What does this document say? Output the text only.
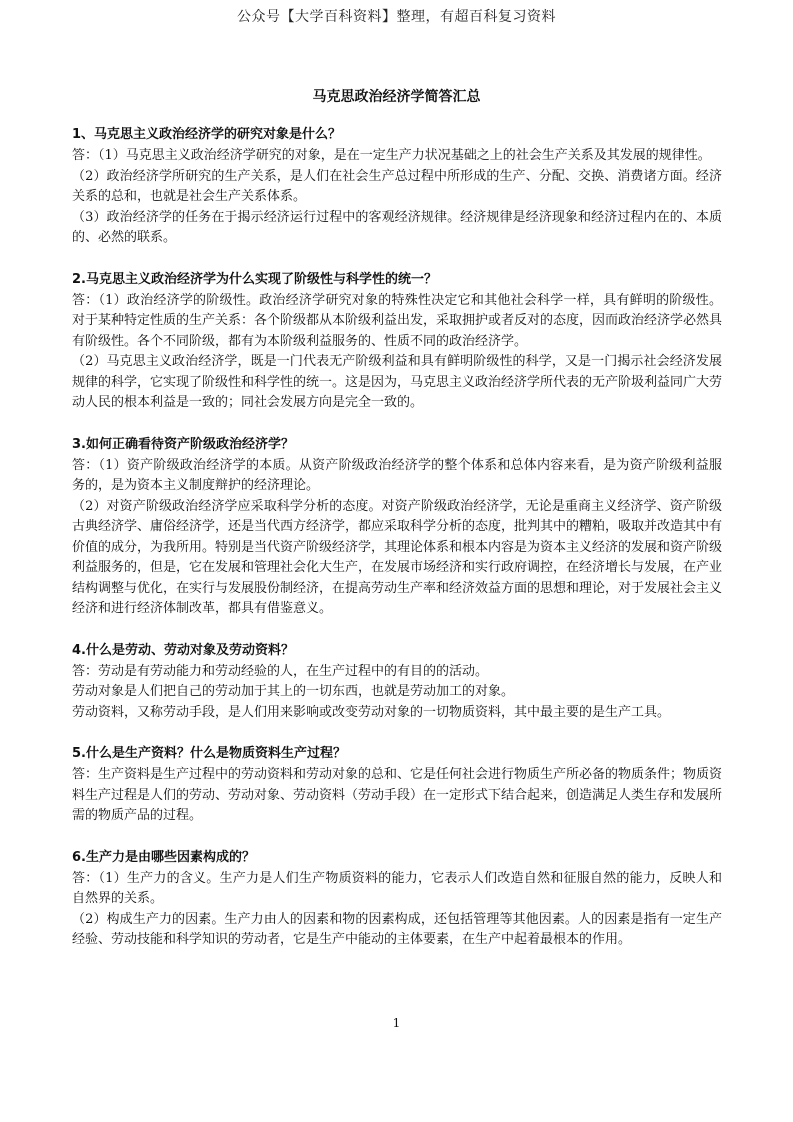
公众号【大学百科资料】整理，有超百科复习资料
马克思政治经济学简答汇总

1、马克思主义政治经济学的研究对象是什么？

答：（1）马克思主义政治经济学研究的对象，是在一定生产力状况基础之上的社会生产关系及其发展的规律性。

（2）政治经济学所研究的生产关系，是人们在社会生产总过程中所形成的生产、分配、交换、消费诸方面。经济关系的总和，也就是社会生产关系体系。

（3）政治经济学的任务在于揭示经济运行过程中的客观经济规律。经济规律是经济现象和经济过程内在的、本质的、必然的联系。

2.马克思主义政治经济学为什么实现了阶级性与科学性的统一？

答：（1）政治经济学的阶级性。政治经济学研究对象的特殊性决定它和其他社会科学一样，具有鲜明的阶级性。对于某种特定性质的生产关系：各个阶级都从本阶级利益出发，采取拥护或者反对的态度，因而政治经济学必然具有阶级性。各个不同阶级，都有为本阶级利益服务的、性质不同的政治经济学。

（2）马克思主义政治经济学，既是一门代表无产阶级利益和具有鲜明阶级性的科学，又是一门揭示社会经济发展规律的科学，它实现了阶级性和科学性的统一。这是因为，马克思主义政治经济学所代表的无产阶圾利益同广大劳动人民的根本利益是一致的；同社会发展方向是完全一致的。

3.如何正确看待资产阶级政治经济学？

答：（1）资产阶级政治经济学的本质。从资产阶级政治经济学的整个体系和总体内容来看，是为资产阶级利益服务的，是为资本主义制度辩护的经济理论。

（2）对资产阶级政治经济学应采取科学分析的态度。对资产阶级政治经济学，无论是重商主义经济学、资产阶级古典经济学、庸俗经济学，还是当代西方经济学，都应采取科学分析的态度，批判其中的糟粕，吸取并改造其中有价值的成分，为我所用。特别是当代资产阶级经济学，其理论体系和根本内容是为资本主义经济的发展和资产阶级利益服务的，但是，它在发展和管理社会化大生产，在发展市场经济和实行政府调控，在经济增长与发展，在产业结构调整与优化，在实行与发展股份制经济，在提高劳动生产率和经济效益方面的思想和理论，对于发展社会主义经济和进行经济体制改革，都具有借鉴意义。

4.什么是劳动、劳动对象及劳动资料？

答：劳动是有劳动能力和劳动经验的人，在生产过程中的有目的的活动。

劳动对象是人们把自己的劳动加于其上的一切东西，也就是劳动加工的对象。

劳动资料，又称劳动手段，是人们用来影响或改变劳动对象的一切物质资料，其中最主要的是生产工具。

5.什么是生产资料？什么是物质资料生产过程？

答：生产资料是生产过程中的劳动资料和劳动对象的总和、它是任何社会进行物质生产所必备的物质条件；物质资料生产过程是人们的劳动、劳动对象、劳动资料（劳动手段）在一定形式下结合起来，创造满足人类生存和发展所需的物质产品的过程。

6.生产力是由哪些因素构成的？

答：（1）生产力的含义。生产力是人们生产物质资料的能力，它表示人们改造自然和征服自然的能力，反映人和自然界的关系。

（2）构成生产力的因素。生产力由人的因素和物的因素构成，还包括管理等其他因素。人的因素是指有一定生产经验、劳动技能和科学知识的劳动者，它是生产中能动的主体要素，在生产中起着最根本的作用。

1
